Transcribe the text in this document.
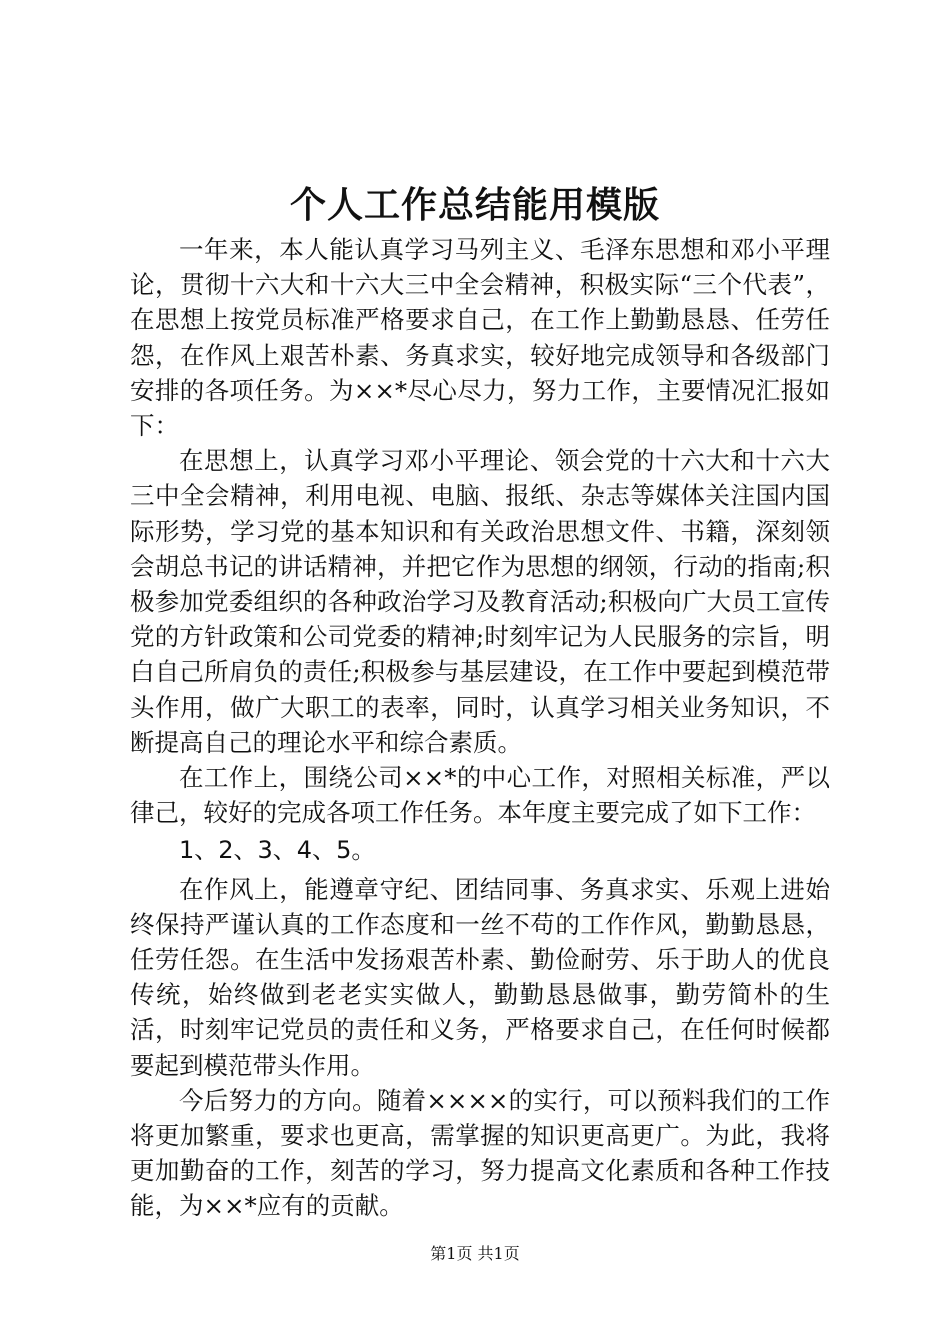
个人工作总结能用模版

一年来，本人能认真学习马列主义、毛泽东思想和邓小平理论，贯彻十六大和十六大三中全会精神，积极实际“三个代表”，在思想上按党员标准严格要求自己，在工作上勤勤恳恳、任劳任怨，在作风上艰苦朴素、务真求实，较好地完成领导和各级部门安排的各项任务。为××*尽心尽力，努力工作，主要情况汇报如下：

在思想上，认真学习邓小平理论、领会党的十六大和十六大三中全会精神，利用电视、电脑、报纸、杂志等媒体关注国内国际形势，学习党的基本知识和有关政治思想文件、书籍，深刻领会胡总书记的讲话精神，并把它作为思想的纲领，行动的指南;积极参加党委组织的各种政治学习及教育活动;积极向广大员工宣传党的方针政策和公司党委的精神;时刻牢记为人民服务的宗旨，明白自己所肩负的责任;积极参与基层建设，在工作中要起到模范带头作用，做广大职工的表率，同时，认真学习相关业务知识，不断提高自己的理论水平和综合素质。

在工作上，围绕公司××*的中心工作，对照相关标准，严以律己，较好的完成各项工作任务。本年度主要完成了如下工作：

1、2、3、4、5。

在作风上，能遵章守纪、团结同事、务真求实、乐观上进始终保持严谨认真的工作态度和一丝不苟的工作作风，勤勤恳恳，任劳任怨。在生活中发扬艰苦朴素、勤俭耐劳、乐于助人的优良传统，始终做到老老实实做人，勤勤恳恳做事，勤劳简朴的生活，时刻牢记党员的责任和义务，严格要求自己，在任何时候都要起到模范带头作用。

今后努力的方向。随着××××的实行，可以预料我们的工作将更加繁重，要求也更高，需掌握的知识更高更广。为此，我将更加勤奋的工作，刻苦的学习，努力提高文化素质和各种工作技能，为××*应有的贡献。

第1页 共1页
